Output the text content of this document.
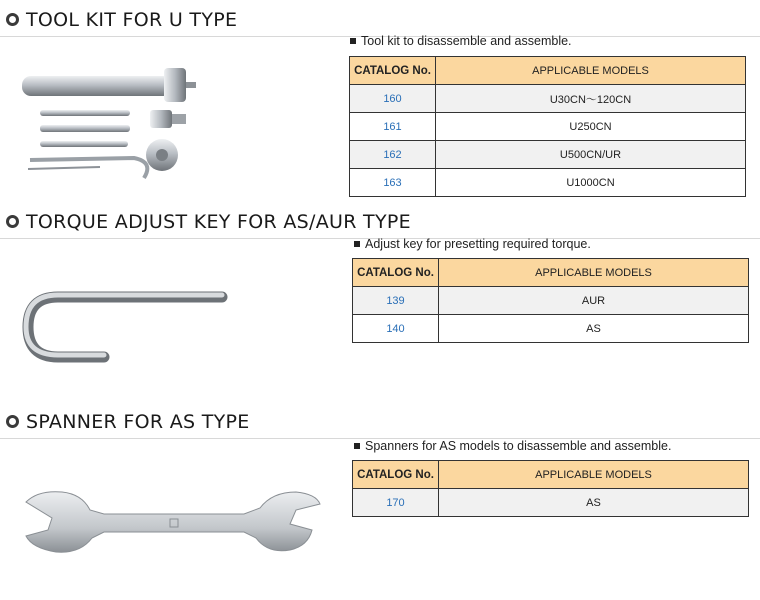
TOOL KIT FOR U TYPE
Tool kit to disassemble and assemble.
CATALOG No.	APPLICABLE MODELS
160	U30CN～120CN
161	U250CN
162	U500CN/UR
163	U1000CN
TORQUE ADJUST KEY FOR AS/AUR TYPE
Adjust key for presetting required torque.
CATALOG No.	APPLICABLE MODELS
139	AUR
140	AS
SPANNER FOR AS TYPE
Spanners for AS models to disassemble and assemble.
CATALOG No.	APPLICABLE MODELS
170	AS
